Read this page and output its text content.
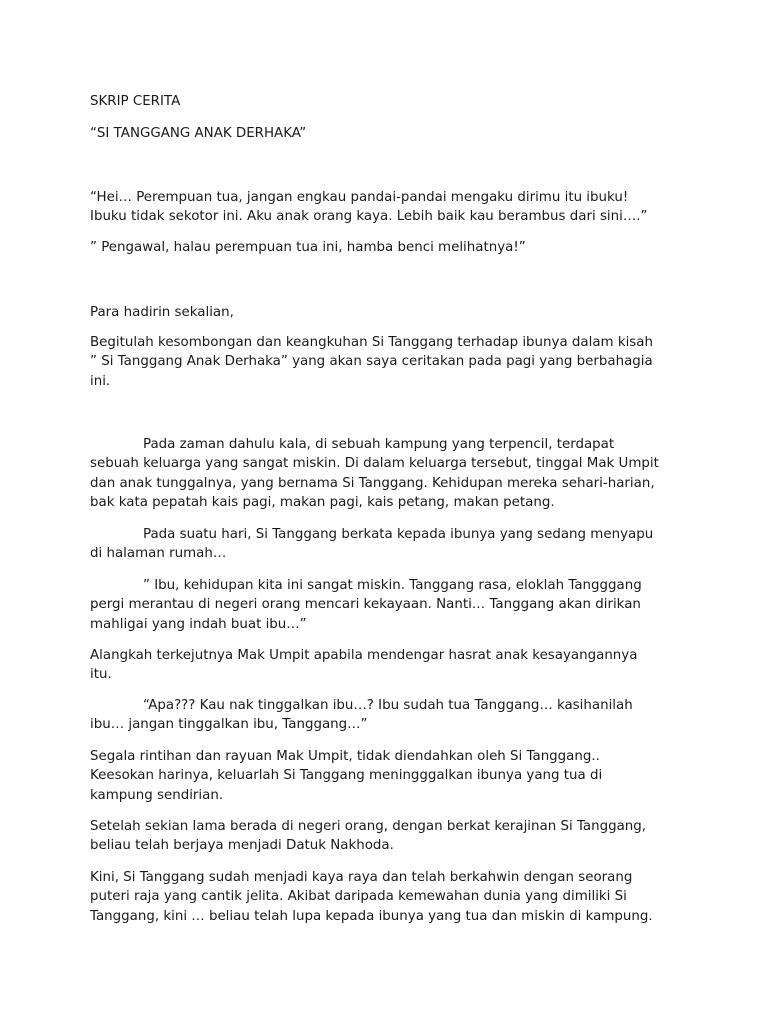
SKRIP CERITA

“SI TANGGANG ANAK DERHAKA”

“Hei… Perempuan tua, jangan engkau pandai-pandai mengaku dirimu itu ibuku!
Ibuku tidak sekotor ini. Aku anak orang kaya. Lebih baik kau berambus dari sini….”

” Pengawal, halau perempuan tua ini, hamba benci melihatnya!”

Para hadirin sekalian,

Begitulah kesombongan dan keangkuhan Si Tanggang terhadap ibunya dalam kisah
” Si Tanggang Anak Derhaka” yang akan saya ceritakan pada pagi yang berbahagia
ini.

Pada zaman dahulu kala, di sebuah kampung yang terpencil, terdapat
sebuah keluarga yang sangat miskin. Di dalam keluarga tersebut, tinggal Mak Umpit
dan anak tunggalnya, yang bernama Si Tanggang. Kehidupan mereka sehari-harian,
bak kata pepatah kais pagi, makan pagi, kais petang, makan petang.

Pada suatu hari, Si Tanggang berkata kepada ibunya yang sedang menyapu
di halaman rumah…

” Ibu, kehidupan kita ini sangat miskin. Tanggang rasa, eloklah Tangggang
pergi merantau di negeri orang mencari kekayaan. Nanti… Tanggang akan dirikan
mahligai yang indah buat ibu…”

Alangkah terkejutnya Mak Umpit apabila mendengar hasrat anak kesayangannya
itu.

“Apa??? Kau nak tinggalkan ibu…? Ibu sudah tua Tanggang… kasihanilah
ibu… jangan tinggalkan ibu, Tanggang…”

Segala rintihan dan rayuan Mak Umpit, tidak diendahkan oleh Si Tanggang..
Keesokan harinya, keluarlah Si Tanggang meningggalkan ibunya yang tua di
kampung sendirian.

Setelah sekian lama berada di negeri orang, dengan berkat kerajinan Si Tanggang,
beliau telah berjaya menjadi Datuk Nakhoda.

Kini, Si Tanggang sudah menjadi kaya raya dan telah berkahwin dengan seorang
puteri raja yang cantik jelita. Akibat daripada kemewahan dunia yang dimiliki Si
Tanggang, kini … beliau telah lupa kepada ibunya yang tua dan miskin di kampung.
